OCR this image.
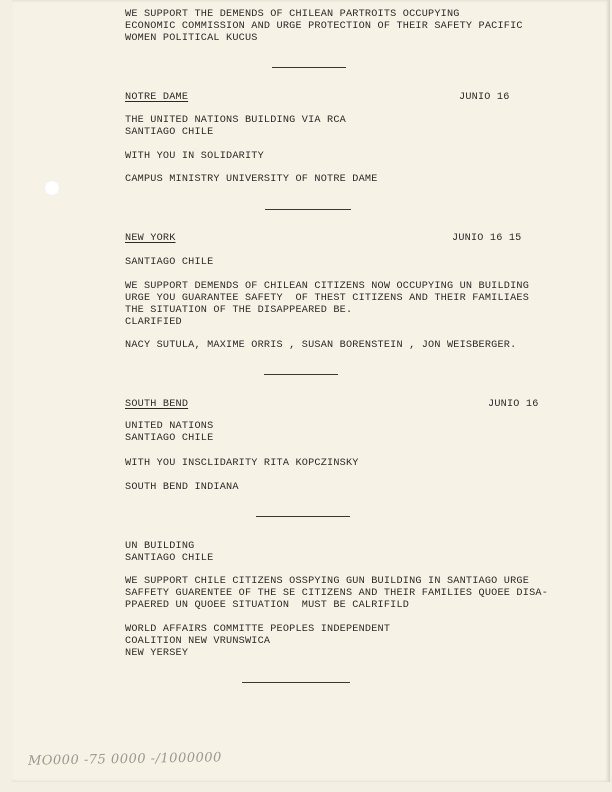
WE SUPPORT THE DEMENDS OF CHILEAN PARTROITS OCCUPYING
ECONOMIC COMMISSION AND URGE PROTECTION OF THEIR SAFETY PACIFIC
WOMEN POLITICAL KUCUS
NOTRE DAME	JUNIO 16
THE UNITED NATIONS BUILDING VIA RCA
SANTIAGO CHILE
WITH YOU IN SOLIDARITY
CAMPUS MINISTRY UNIVERSITY OF NOTRE DAME
NEW YORK	JUNIO 16 15
SANTIAGO CHILE
WE SUPPORT DEMENDS OF CHILEAN CITIZENS NOW OCCUPYING UN BUILDING
URGE YOU GUARANTEE SAFETY  OF THEST CITIZENS AND THEIR FAMILIAES
THE SITUATION OF THE DISAPPEARED BE.
CLARIFIED
NACY SUTULA, MAXIME ORRIS , SUSAN BORENSTEIN , JON WEISBERGER.
SOUTH BEND	JUNIO 16
UNITED NATIONS
SANTIAGO CHILE
WITH YOU INSCLIDARITY RITA KOPCZINSKY
SOUTH BEND INDIANA
UN BUILDING
SANTIAGO CHILE
WE SUPPORT CHILE CITIZENS OSSPYING GUN BUILDING IN SANTIAGO URGE
SAFFETY GUARENTEE OF THE SE CITIZENS AND THEIR FAMILIES QUOEE DISA-
PPAERED UN QUOEE SITUATION  MUST BE CALRIFILD
WORLD AFFAIRS COMMITTE PEOPLES INDEPENDENT
COALITION NEW VRUNSWICA
NEW YERSEY
MO000 -75 0000 -/1000000
